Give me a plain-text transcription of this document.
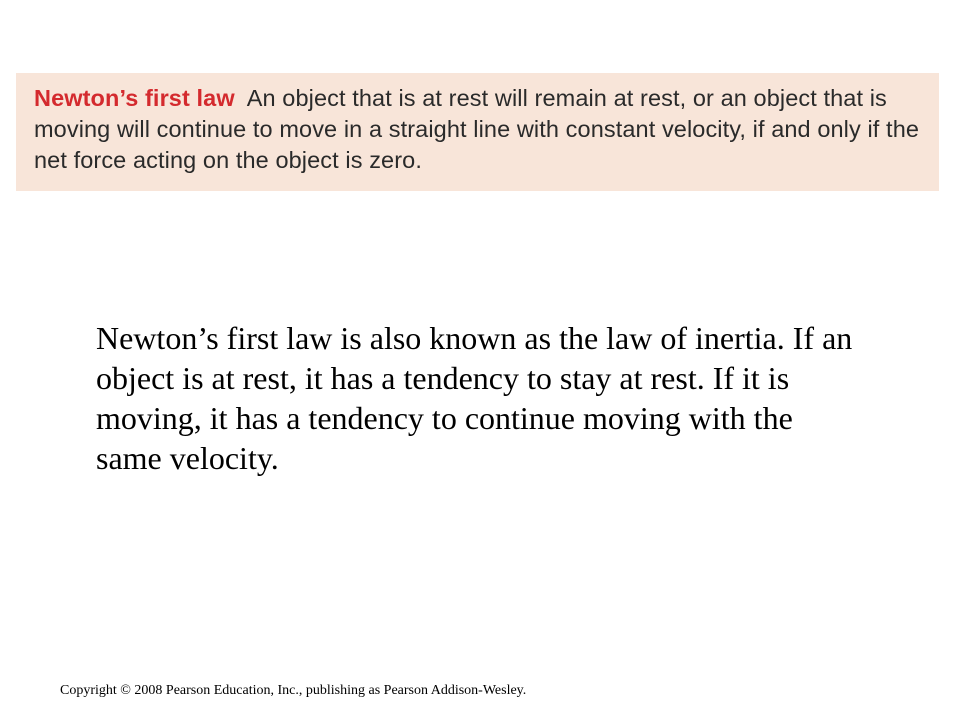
Newton’s first law An object that is at rest will remain at rest, or an object that is moving will continue to move in a straight line with constant velocity, if and only if the net force acting on the object is zero.

Newton’s first law is also known as the law of inertia. If an object is at rest, it has a tendency to stay at rest. If it is moving, it has a tendency to continue moving with the same velocity.

Copyright © 2008 Pearson Education, Inc., publishing as Pearson Addison-Wesley.
